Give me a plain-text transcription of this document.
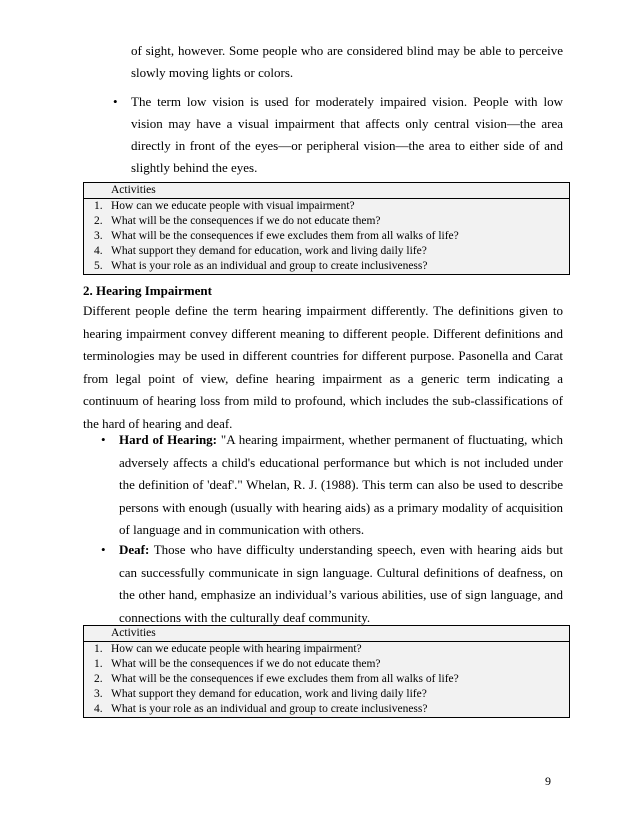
of sight, however. Some people who are considered blind may be able to perceive slowly moving lights or colors.

• The term low vision is used for moderately impaired vision. People with low vision may have a visual impairment that affects only central vision—the area directly in front of the eyes—or peripheral vision—the area to either side of and slightly behind the eyes.
Activities
1. How can we educate people with visual impairment?
2. What will be the consequences if we do not educate them?
3. What will be the consequences if ewe excludes them from all walks of life?
4. What support they demand for education, work and living daily life?
5. What is your role as an individual and group to create inclusiveness?
2. Hearing Impairment

Different people define the term hearing impairment differently. The definitions given to hearing impairment convey different meaning to different people. Different definitions and terminologies may be used in different countries for different purpose. Pasonella and Carat from legal point of view, define hearing impairment as a generic term indicating a continuum of hearing loss from mild to profound, which includes the sub-classifications of the hard of hearing and deaf.

• Hard of Hearing: "A hearing impairment, whether permanent of fluctuating, which adversely affects a child's educational performance but which is not included under the definition of 'deaf'." Whelan, R. J. (1988). This term can also be used to describe persons with enough (usually with hearing aids) as a primary modality of acquisition of language and in communication with others.
• Deaf: Those who have difficulty understanding speech, even with hearing aids but can successfully communicate in sign language. Cultural definitions of deafness, on the other hand, emphasize an individual’s various abilities, use of sign language, and connections with the culturally deaf community.
Activities
1. How can we educate people with hearing impairment?
1. What will be the consequences if we do not educate them?
2. What will be the consequences if ewe excludes them from all walks of life?
3. What support they demand for education, work and living daily life?
4. What is your role as an individual and group to create inclusiveness?
9
